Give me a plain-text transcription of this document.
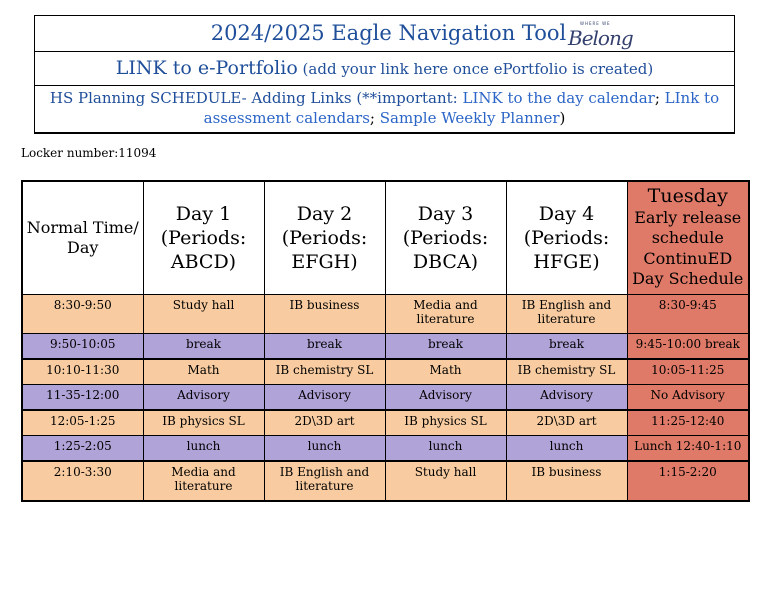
2024/2025 Eagle Navigation Tool	WHERE WE
Belong
LINK to e-Portfolio (add your link here once ePortfolio is created)
HS Planning SCHEDULE- Adding Links (**important: LINK to the day calendar; LInk to assessment calendars; Sample Weekly Planner)
Locker number:11094
Normal Time/ Day	Day 1 (Periods: ABCD)	Day 2 (Periods: EFGH)	Day 3 (Periods: DBCA)	Day 4 (Periods: HFGE)	Tuesday
Early release schedule ContinuED Day Schedule
8:30-9:50	Study hall	IB business	Media and literature	IB English and literature	8:30-9:45
9:50-10:05	break	break	break	break	9:45-10:00 break
10:10-11:30	Math	IB chemistry SL	Math	IB chemistry SL	10:05-11:25
11-35-12:00	Advisory	Advisory	Advisory	Advisory	No Advisory
12:05-1:25	IB physics SL	2D\3D art	IB physics SL	2D\3D art	11:25-12:40
1:25-2:05	lunch	lunch	lunch	lunch	Lunch 12:40-1:10
2:10-3:30	Media and literature	IB English and literature	Study hall	IB business	1:15-2:20
